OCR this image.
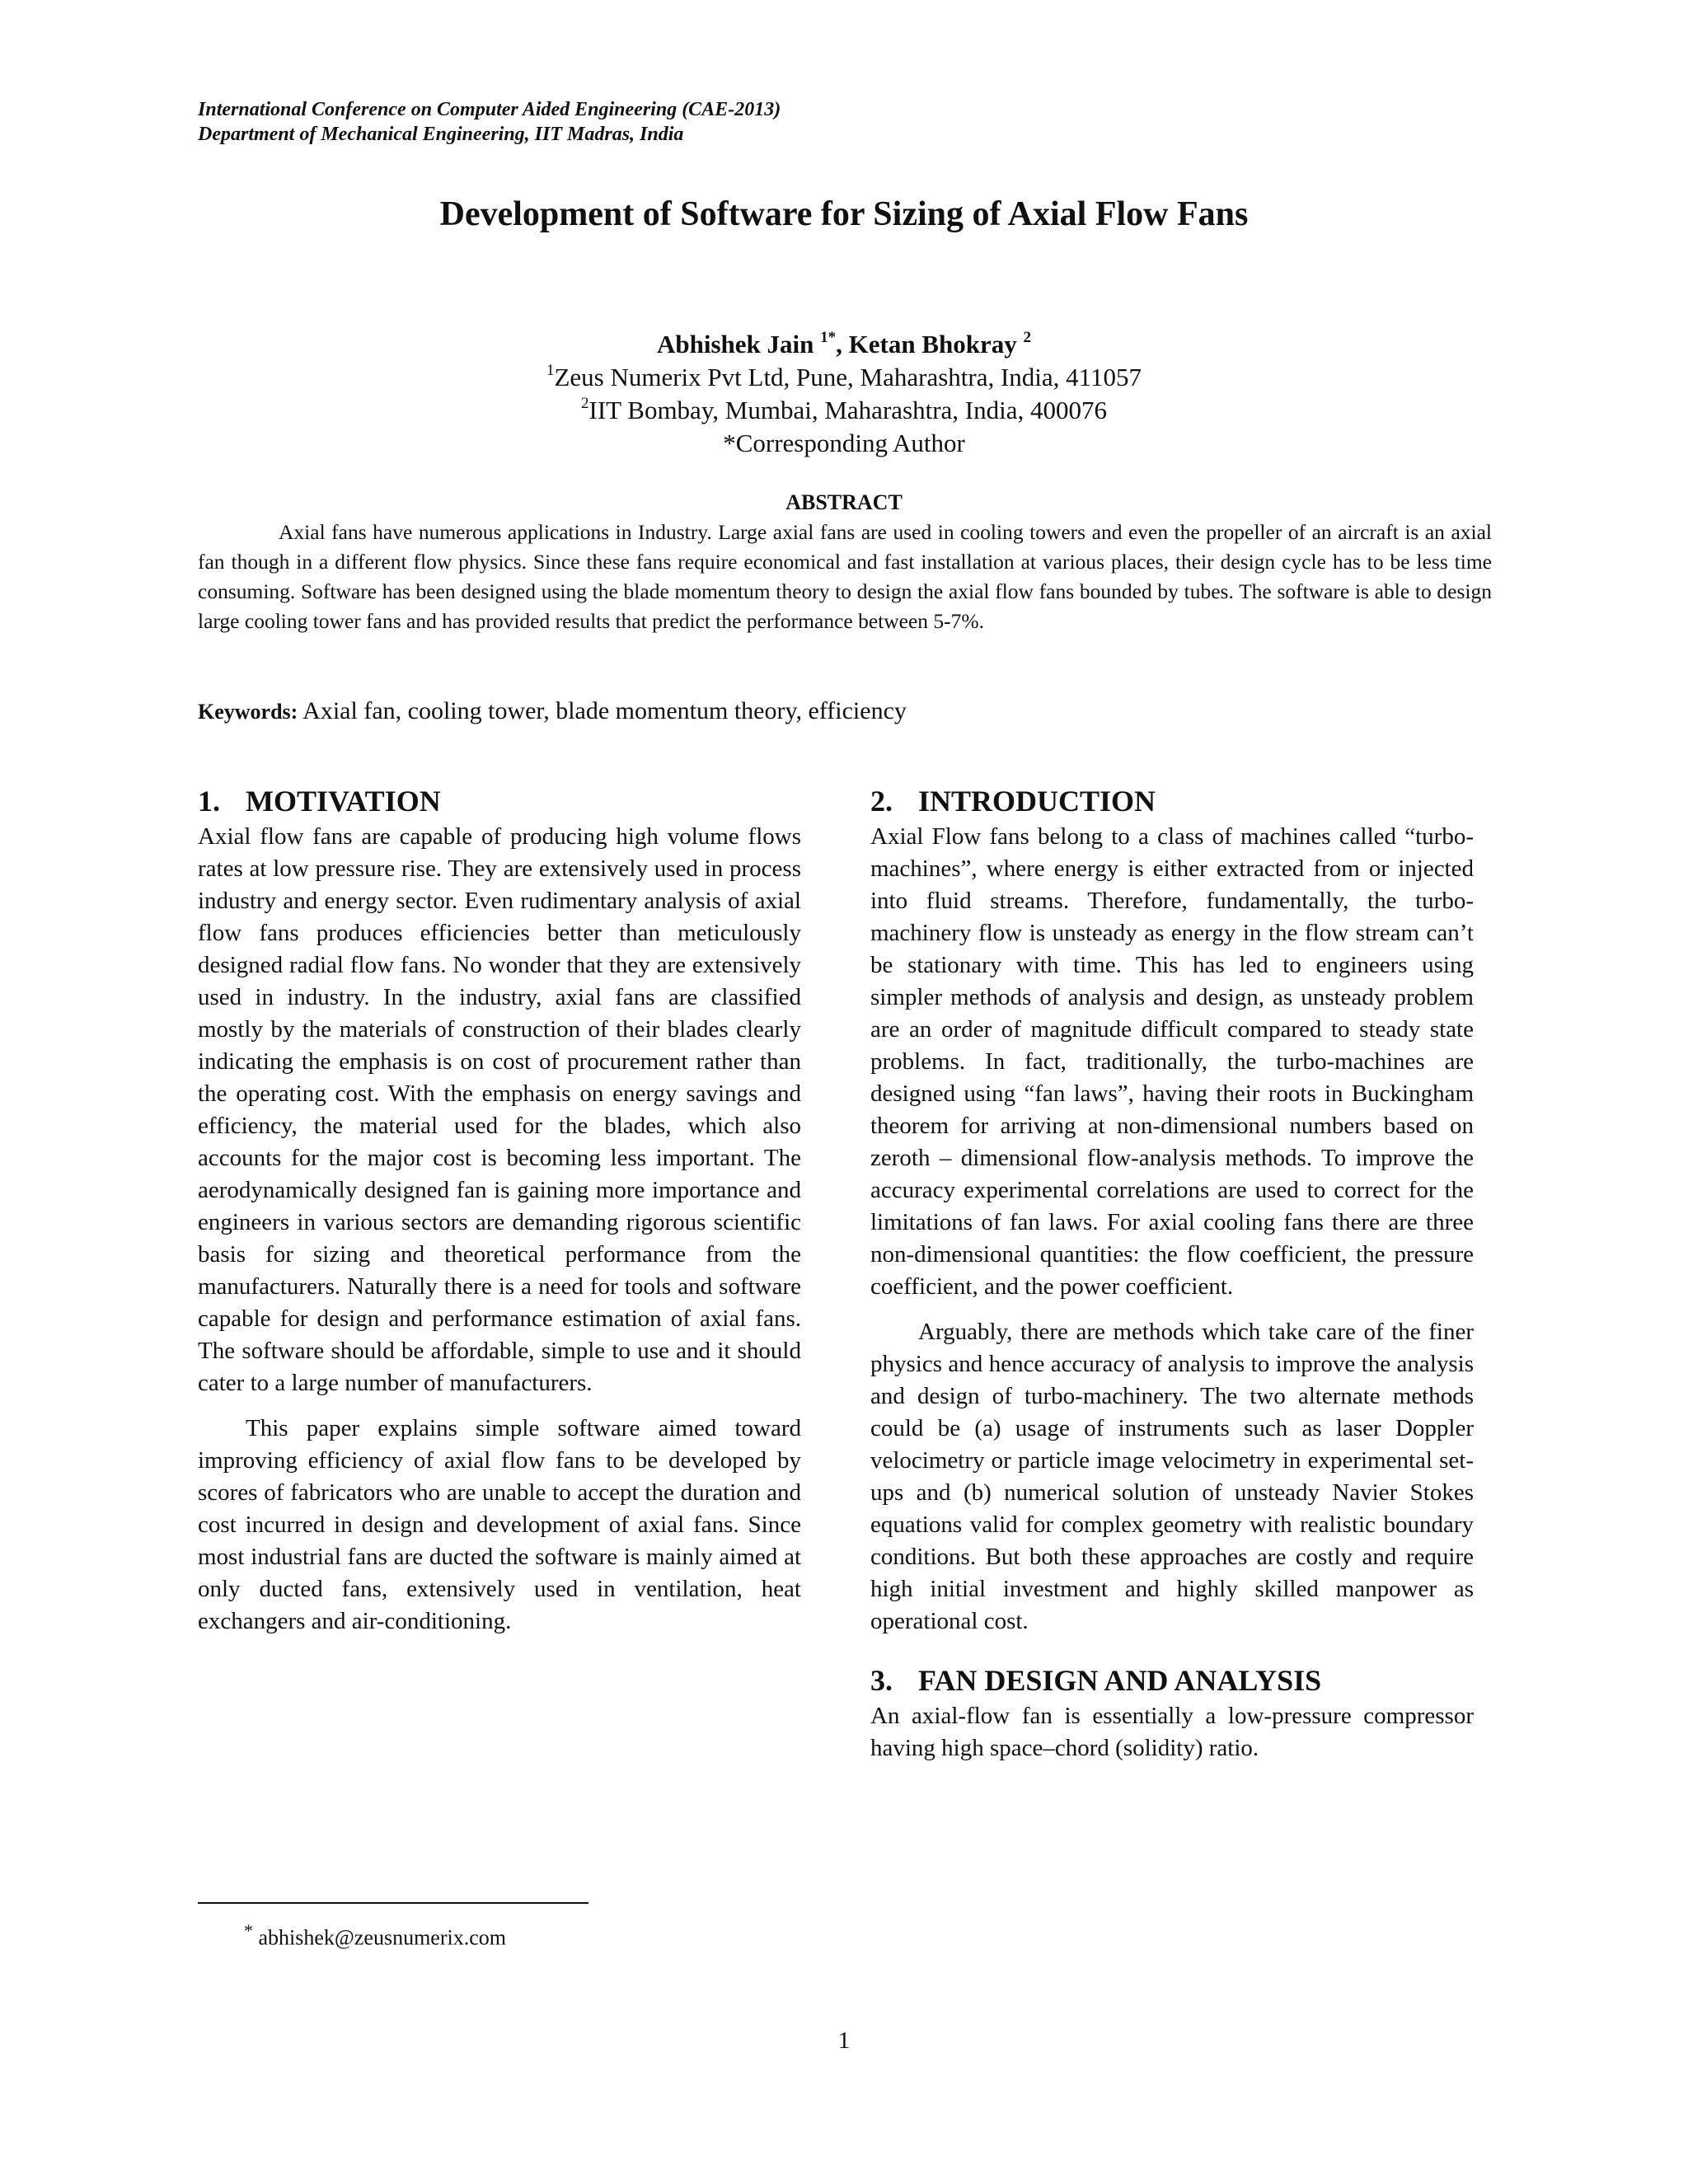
International Conference on Computer Aided Engineering (CAE-2013)
Department of Mechanical Engineering, IIT Madras, India
Development of Software for Sizing of Axial Flow Fans
Abhishek Jain $^{1*}$, Ketan Bhokray $^2$
$^1$Zeus Numerix Pvt Ltd, Pune, Maharashtra, India, 411057
$^2$IIT Bombay, Mumbai, Maharashtra, India, 400076
*Corresponding Author
ABSTRACT

Axial fans have numerous applications in Industry. Large axial fans are used in cooling towers and even the propeller of an aircraft is an axial fan though in a different flow physics. Since these fans require economical and fast installation at various places, their design cycle has to be less time consuming. Software has been designed using the blade momentum theory to design the axial flow fans bounded by tubes. The software is able to design large cooling tower fans and has provided results that predict the performance between 5-7%.

Keywords: Axial fan, cooling tower, blade momentum theory, efficiency
1. MOTIVATION

Axial flow fans are capable of producing high volume flows rates at low pressure rise. They are extensively used in process industry and energy sector. Even rudimentary analysis of axial flow fans produces efficiencies better than meticulously designed radial flow fans. No wonder that they are extensively used in industry. In the industry, axial fans are classified mostly by the materials of construction of their blades clearly indicating the emphasis is on cost of procurement rather than the operating cost. With the emphasis on energy savings and efficiency, the material used for the blades, which also accounts for the major cost is becoming less important. The aerodynamically designed fan is gaining more importance and engineers in various sectors are demanding rigorous scientific basis for sizing and theoretical performance from the manufacturers. Naturally there is a need for tools and software capable for design and performance estimation of axial fans. The software should be affordable, simple to use and it should cater to a large number of manufacturers.

This paper explains simple software aimed toward improving efficiency of axial flow fans to be developed by scores of fabricators who are unable to accept the duration and cost incurred in design and development of axial fans. Since most industrial fans are ducted the software is mainly aimed at only ducted fans, extensively used in ventilation, heat exchangers and air-conditioning.

2. INTRODUCTION

Axial Flow fans belong to a class of machines called “turbo-machines”, where energy is either extracted from or injected into fluid streams. Therefore, fundamentally, the turbo-machinery flow is unsteady as energy in the flow stream can’t be stationary with time. This has led to engineers using simpler methods of analysis and design, as unsteady problem are an order of magnitude difficult compared to steady state problems. In fact, traditionally, the turbo-machines are designed using “fan laws”, having their roots in Buckingham theorem for arriving at non-dimensional numbers based on zeroth – dimensional flow-analysis methods. To improve the accuracy experimental correlations are used to correct for the limitations of fan laws. For axial cooling fans there are three non-dimensional quantities: the flow coefficient, the pressure coefficient, and the power coefficient.

Arguably, there are methods which take care of the finer physics and hence accuracy of analysis to improve the analysis and design of turbo-machinery. The two alternate methods could be (a) usage of instruments such as laser Doppler velocimetry or particle image velocimetry in experimental set-ups and (b) numerical solution of unsteady Navier Stokes equations valid for complex geometry with realistic boundary conditions. But both these approaches are costly and require high initial investment and highly skilled manpower as operational cost.

3. FAN DESIGN AND ANALYSIS

An axial-flow fan is essentially a low-pressure compressor having high space–chord (solidity) ratio.

* abhishek@zeusnumerix.com
1
